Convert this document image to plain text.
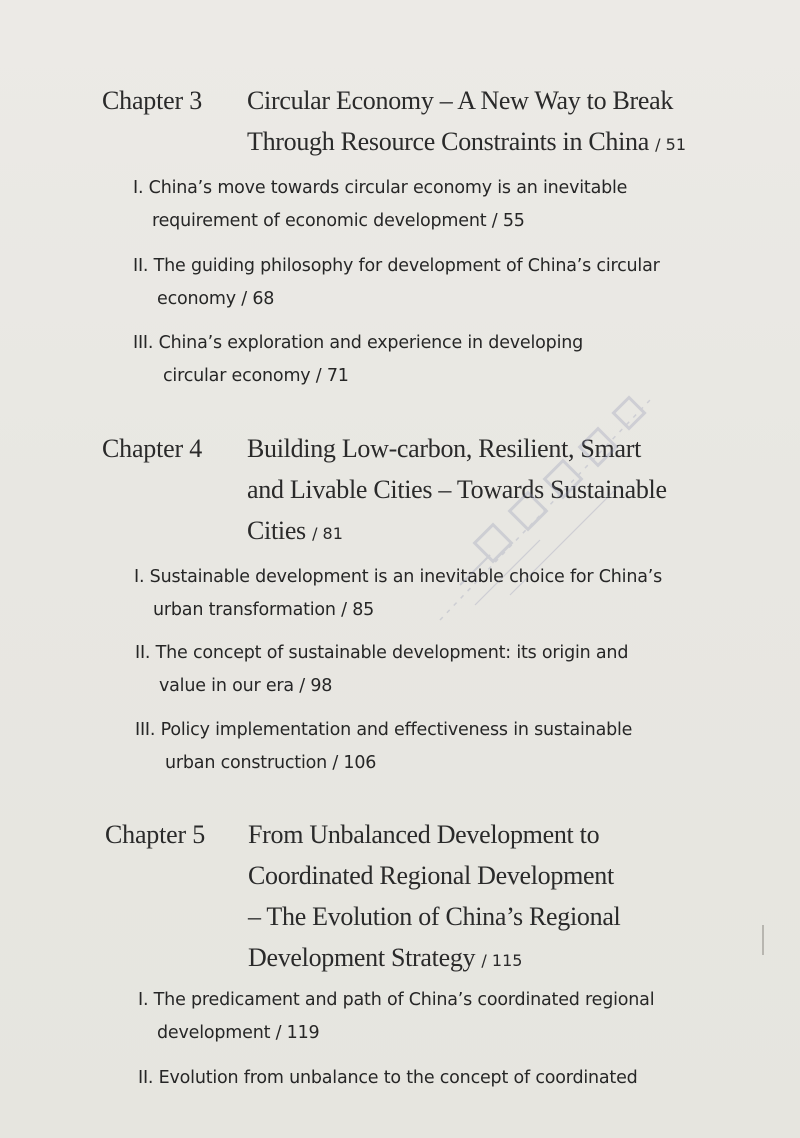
Chapter 3 Circular Economy – A New Way to Break
Through Resource Constraints in China / 51
I. China’s move towards circular economy is an inevitable
requirement of economic development / 55
II. The guiding philosophy for development of China’s circular
economy / 68
III. China’s exploration and experience in developing
circular economy / 71
Chapter 4 Building Low-carbon, Resilient, Smart
and Livable Cities – Towards Sustainable
Cities / 81
I. Sustainable development is an inevitable choice for China’s
urban transformation / 85
II. The concept of sustainable development: its origin and
value in our era / 98
III. Policy implementation and effectiveness in sustainable
urban construction / 106
Chapter 5 From Unbalanced Development to
Coordinated Regional Development
– The Evolution of China’s Regional
Development Strategy / 115
I. The predicament and path of China’s coordinated regional
development / 119
II. Evolution from unbalance to the concept of coordinated
